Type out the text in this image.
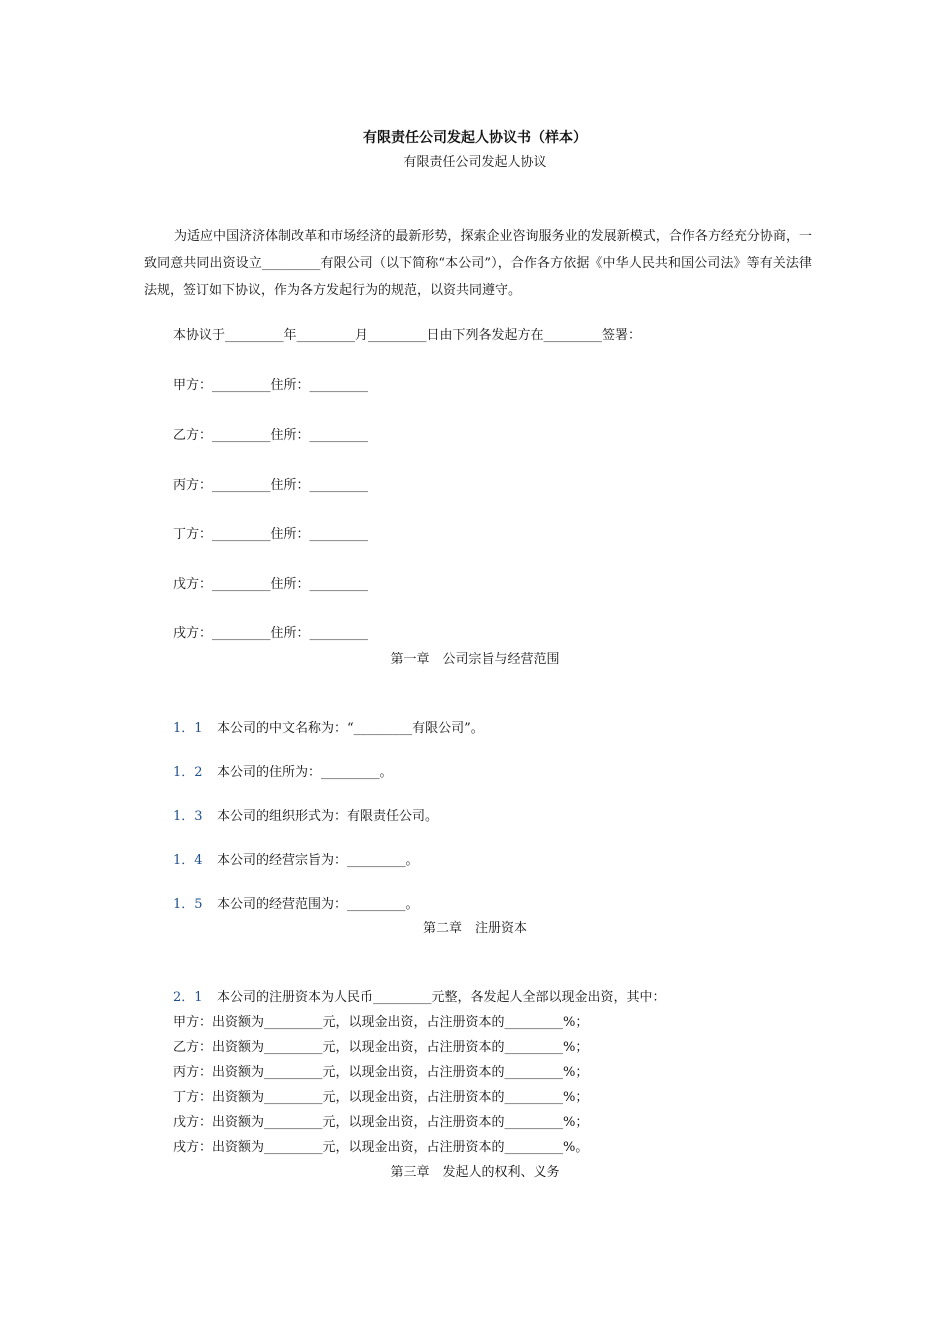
有限责任公司发起人协议书（样本）
有限责任公司发起人协议

为适应中国济济体制改革和市场经济的最新形势，探索企业咨询服务业的发展新模式，合作各方经充分协商，一致同意共同出资设立_________有限公司（以下简称“本公司”），合作各方依据《中华人民共和国公司法》等有关法律法规，签订如下协议，作为各方发起行为的规范，以资共同遵守。

本协议于_________年_________月_________日由下列各发起方在_________签署：
甲方：_________住所：_________
乙方：_________住所：_________
丙方：_________住所：_________
丁方：_________住所：_________
戊方：_________住所：_________
戌方：_________住所：_________
第一章　公司宗旨与经营范围
1．1 本公司的中文名称为：“_________有限公司”。
1．2 本公司的住所为：_________。
1．3 本公司的组织形式为：有限责任公司。
1．4 本公司的经营宗旨为：_________。
1．5 本公司的经营范围为：_________。
第二章　注册资本
2．1 本公司的注册资本为人民币_________元整，各发起人全部以现金出资，其中：
甲方：出资额为_________元，以现金出资，占注册资本的_________%；
乙方：出资额为_________元，以现金出资，占注册资本的_________%；
丙方：出资额为_________元，以现金出资，占注册资本的_________%；
丁方：出资额为_________元，以现金出资，占注册资本的_________%；
戊方：出资额为_________元，以现金出资，占注册资本的_________%；
戌方：出资额为_________元，以现金出资，占注册资本的_________%。
第三章　发起人的权利、义务
